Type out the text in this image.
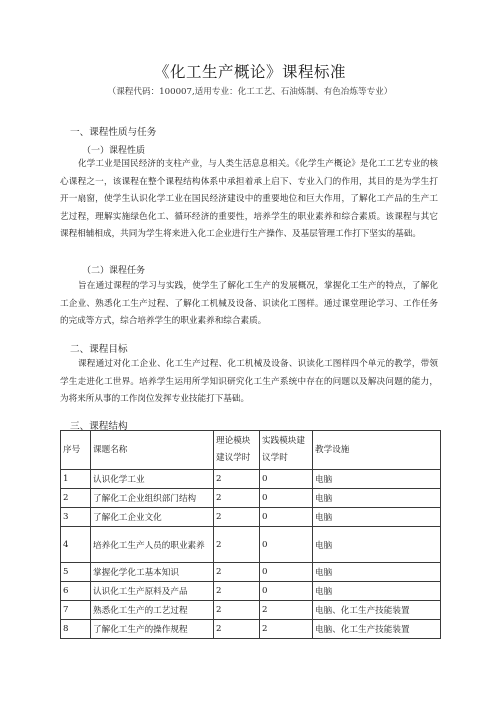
《化工生产概论》课程标准
（课程代码：100007,适用专业：化工工艺、石油炼制、有色冶炼等专业）
一、课程性质与任务
（一）课程性质

化学工业是国民经济的支柱产业，与人类生活息息相关。《化学生产概论》是化工工艺专业的核心课程之一，该课程在整个课程结构体系中承担着承上启下、专业入门的作用，其目的是为学生打开一扇窗，使学生认识化学工业在国民经济建设中的重要地位和巨大作用，了解化工产品的生产工艺过程，理解实施绿色化工、循环经济的重要性，培养学生的职业素养和综合素质。该课程与其它课程相辅相成，共同为学生将来进入化工企业进行生产操作、及基层管理工作打下坚实的基础。

（二）课程任务

旨在通过课程的学习与实践，使学生了解化工生产的发展概况，掌握化工生产的特点，了解化工企业、熟悉化工生产过程、了解化工机械及设备、识读化工图样。通过课堂理论学习、工作任务的完成等方式，综合培养学生的职业素养和综合素质。

二、课程目标

课程通过对化工企业、化工生产过程、化工机械及设备、识读化工图样四个单元的教学，带领学生走进化工世界。培养学生运用所学知识研究化工生产系统中存在的问题以及解决问题的能力，为将来所从事的工作岗位发挥专业技能打下基础。

三、课程结构
序号	课题名称	理论模块建议学时	实践模块建议学时	教学设施
1	认识化学工业	2	0	电脑
2	了解化工企业组织部门结构	2	0	电脑
3	了解化工企业文化	2	0	电脑
4	培养化工生产人员的职业素养	2	0	电脑
5	掌握化学化工基本知识	2	0	电脑
6	认识化工生产原料及产品	2	0	电脑
7	熟悉化工生产的工艺过程	2	2	电脑、化工生产技能装置
8	了解化工生产的操作规程	2	2	电脑、化工生产技能装置
